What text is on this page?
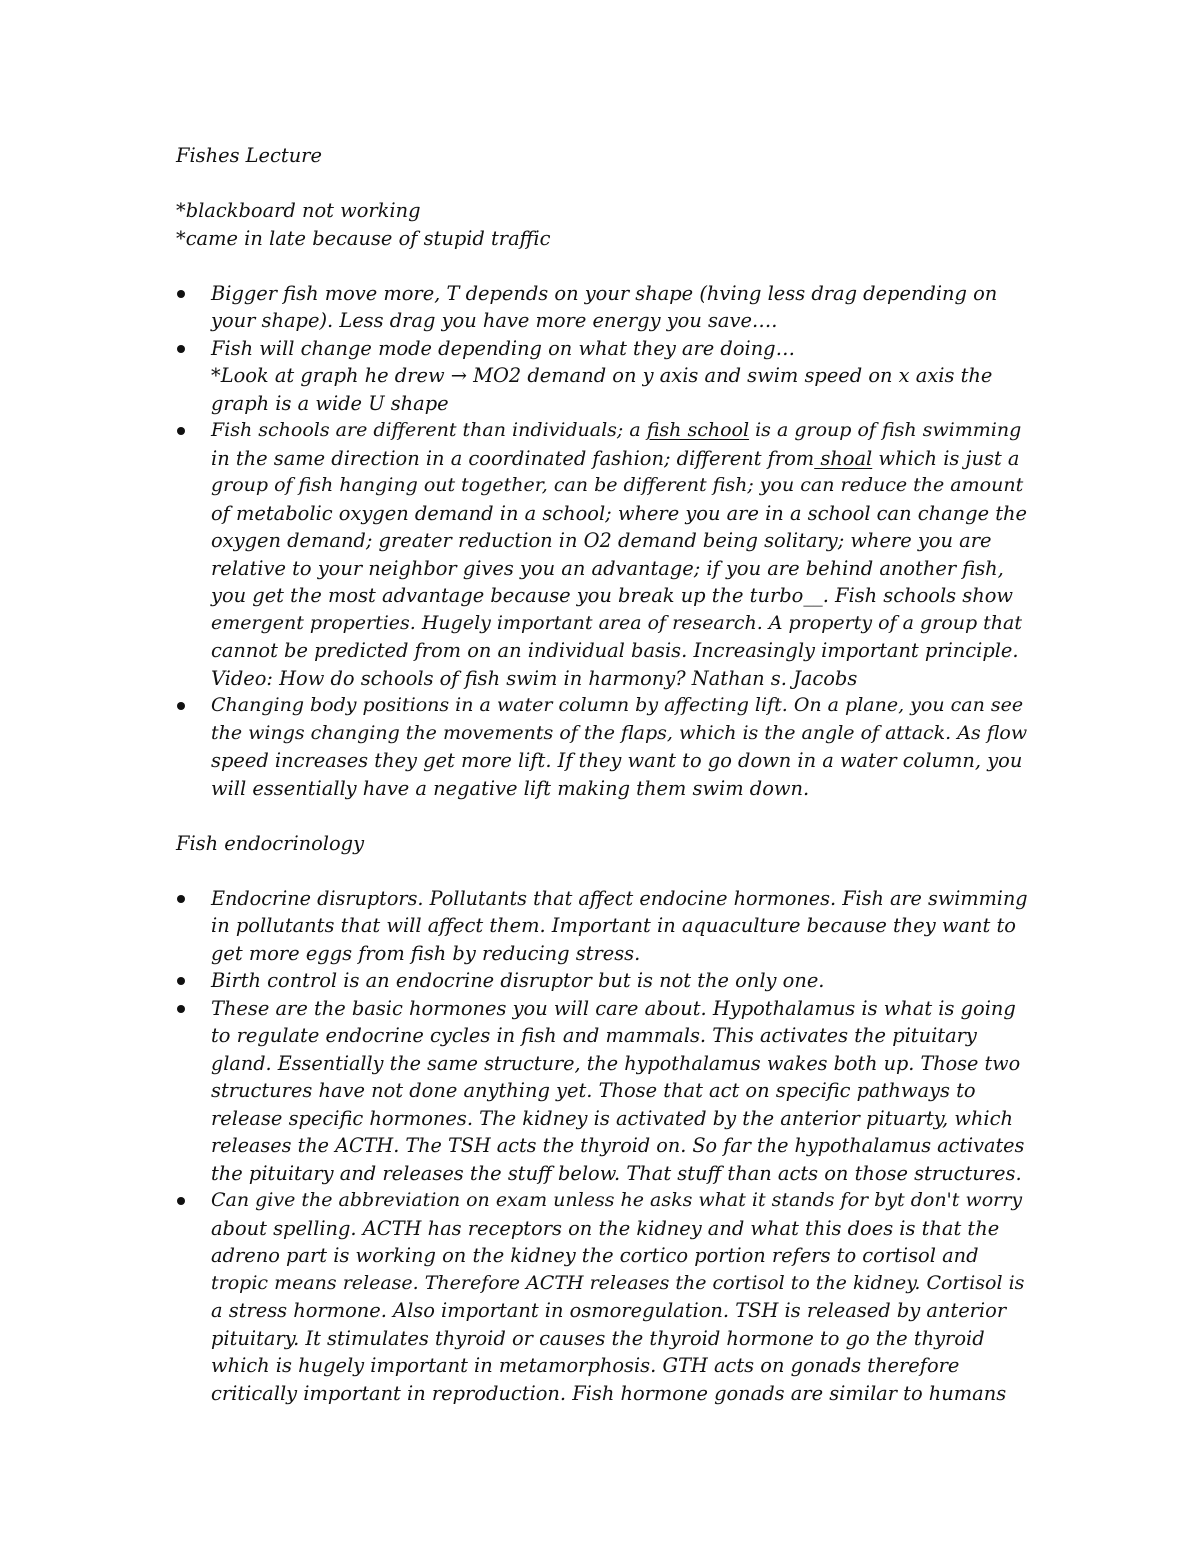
Fishes Lecture

*blackboard not working

*came in late because of stupid traffic

Bigger fish move more, T depends on your shape (hving less drag depending on
your shape). Less drag you have more energy you save….
Fish will change mode depending on what they are doing…
*Look at graph he drew → MO2 demand on y axis and swim speed on x axis the
graph is a wide U shape
Fish schools are different than individuals; a fish school is a group of fish swimming
in the same direction in a coordinated fashion; different from shoal which is just a
group of fish hanging out together, can be different fish; you can reduce the amount
of metabolic oxygen demand in a school; where you are in a school can change the
oxygen demand; greater reduction in O2 demand being solitary; where you are
relative to your neighbor gives you an advantage; if you are behind another fish,
you get the most advantage because you break up the turbo__. Fish schools show
emergent properties. Hugely important area of research. A property of a group that
cannot be predicted from on an individual basis. Increasingly important principle.
Video: How do schools of fish swim in harmony? Nathan s. Jacobs
Changing body positions in a water column by affecting lift. On a plane, you can see
the wings changing the movements of the flaps, which is the angle of attack. As flow
speed increases they get more lift. If they want to go down in a water column, you
will essentially have a negative lift making them swim down.

Fish endocrinology

Endocrine disruptors. Pollutants that affect endocine hormones. Fish are swimming
in pollutants that will affect them. Important in aquaculture because they want to
get more eggs from fish by reducing stress.
Birth control is an endocrine disruptor but is not the only one.
These are the basic hormones you will care about. Hypothalamus is what is going
to regulate endocrine cycles in fish and mammals. This activates the pituitary
gland. Essentially the same structure, the hypothalamus wakes both up. Those two
structures have not done anything yet. Those that act on specific pathways to
release specific hormones. The kidney is activated by the anterior pituarty, which
releases the ACTH. The TSH acts the thyroid on. So far the hypothalamus activates
the pituitary and releases the stuff below. That stuff than acts on those structures.
Can give the abbreviation on exam unless he asks what it stands for byt don't worry
about spelling. ACTH has receptors on the kidney and what this does is that the
adreno part is working on the kidney the cortico portion refers to cortisol and
tropic means release. Therefore ACTH releases the cortisol to the kidney. Cortisol is
a stress hormone. Also important in osmoregulation. TSH is released by anterior
pituitary. It stimulates thyroid or causes the thyroid hormone to go the thyroid
which is hugely important in metamorphosis. GTH acts on gonads therefore
critically important in reproduction. Fish hormone gonads are similar to humans
